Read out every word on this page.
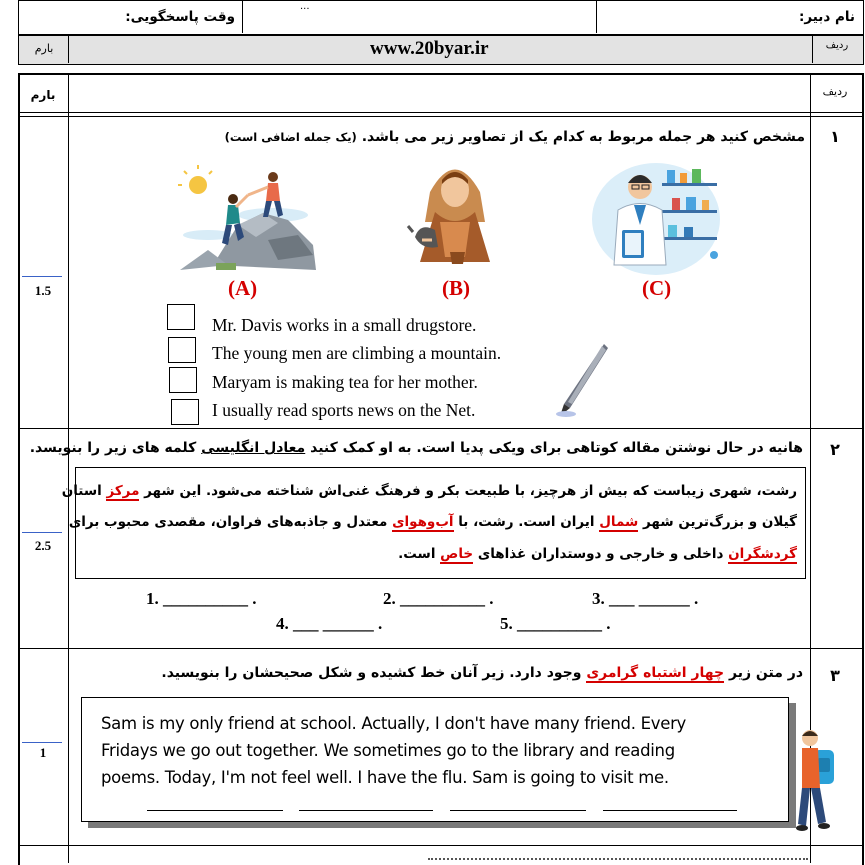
نام دبیر:
وقت پاسخگویی:
...
بارم	ردیف
www.20byar.ir
بارم	ردیف
۱
1.5
مشخص کنید هر جمله مربوط به کدام یک از تصاویر زیر می باشد. (یک جمله اضافی است)
(A)	(B)	(C)
Mr. Davis works in a small drugstore.
The young men are climbing a mountain.
Maryam is making tea for her mother.
I usually read sports news on the Net.
۲
2.5
هانیه در حال نوشتن مقاله کوتاهی برای ویکی پدیا است. به او کمک کنید معادل انگلیسی کلمه های زیر را بنویسد.
رشت، شهری زیباست که بیش از هرچیز، با طبیعت بکر و فرهنگ غنی‌اش شناخته می‌شود. این شهر مرکز استان
گیلان و بزرگ‌ترین شهر شمال ایران است. رشت، با آب‌وهوای معتدل و جاذبه‌های فراوان، مقصدی محبوب برای
گردشگران داخلی و خارجی و دوستداران غذاهای خاص است.
1. __________ .	2. __________ .	3. ___ ______ .
4. ___ ______ .	5. __________ .
۳
1
در متن زیر چهار اشتباه گرامری وجود دارد. زیر آنان خط کشیده و شکل صحیحشان را بنویسید.
Sam is my only friend at school. Actually, I don't have many friend. Every
Fridays we go out together. We sometimes go to the library and reading
poems. Today, I'm not feel well. I have the flu. Sam is going to visit me.
